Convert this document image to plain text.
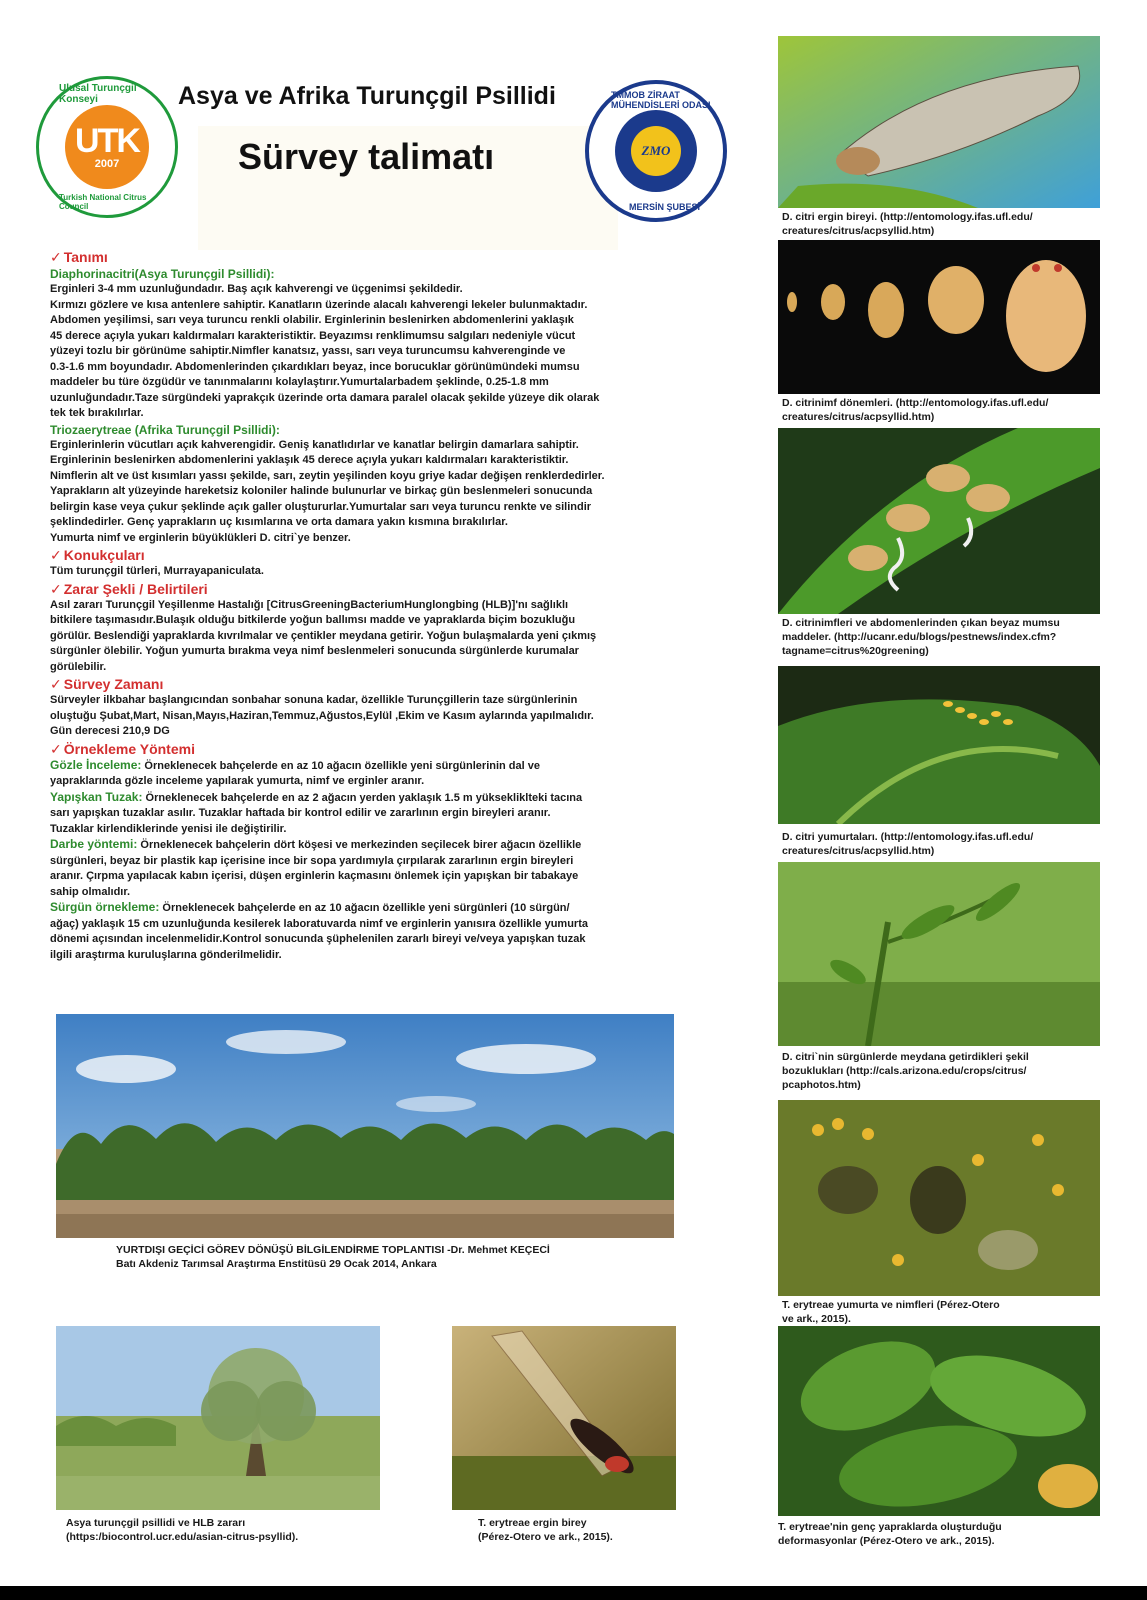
Ulusal Turunçgil Konseyi
UTK
2007
Turkish National Citrus Council
Asya ve Afrika Turunçgil Psillidi
Sürvey talimatı
TMMOB ZİRAAT MÜHENDİSLERİ ODASI
ZMO
MERSİN ŞUBESİ

✓ Tanımı

Diaphorinacitri(Asya Turunçgil Psillidi):

Erginleri 3-4 mm uzunluğundadır. Baş açık kahverengi ve üçgenimsi şekildedir.
Kırmızı gözlere ve kısa antenlere sahiptir. Kanatların üzerinde alacalı kahverengi lekeler bulunmaktadır.
Abdomen yeşilimsi, sarı veya turuncu renkli olabilir. Erginlerinin beslenirken abdomenlerini yaklaşık
45 derece açıyla yukarı kaldırmaları karakteristiktir. Beyazımsı renklimumsu salgıları nedeniyle vücut
yüzeyi tozlu bir görünüme sahiptir.Nimfler kanatsız, yassı, sarı veya turuncumsu kahverenginde ve
0.3-1.6 mm boyundadır. Abdomenlerinden çıkardıkları beyaz, ince borucuklar görünümündeki mumsu
maddeler bu türe özgüdür ve tanınmalarını kolaylaştırır.Yumurtalarbadem şeklinde, 0.25-1.8 mm
uzunluğundadır.Taze sürgündeki yaprakçık üzerinde orta damara paralel olacak şekilde yüzeye dik olarak
tek tek bırakılırlar.

Triozaerytreae (Afrika Turunçgil Psillidi):

Erginlerinlerin vücutları açık kahverengidir. Geniş kanatlıdırlar ve kanatlar belirgin damarlara sahiptir.
Erginlerinin beslenirken abdomenlerini yaklaşık 45 derece açıyla yukarı kaldırmaları karakteristiktir.
Nimflerin alt ve üst kısımları yassı şekilde, sarı, zeytin yeşilinden koyu griye kadar değişen renklerdedirler.
Yaprakların alt yüzeyinde hareketsiz koloniler halinde bulunurlar ve birkaç gün beslenmeleri sonucunda
belirgin kase veya çukur şeklinde açık galler oluştururlar.Yumurtalar sarı veya turuncu renkte ve silindir
şeklindedirler. Genç yaprakların uç kısımlarına ve orta damara yakın kısmına bırakılırlar.
Yumurta nimf ve erginlerin büyüklükleri D. citri`ye benzer.

✓ Konukçuları

Tüm turunçgil türleri, Murrayapaniculata.

✓ Zarar Şekli / Belirtileri

Asıl zararı Turunçgil Yeşillenme Hastalığı [CitrusGreeningBacteriumHunglongbing (HLB)]'nı sağlıklı
bitkilere taşımasıdır.Bulaşık olduğu bitkilerde yoğun ballımsı madde ve yapraklarda biçim bozukluğu
görülür. Beslendiği yapraklarda kıvrılmalar ve çentikler meydana getirir. Yoğun bulaşmalarda yeni çıkmış
sürgünler ölebilir. Yoğun yumurta bırakma veya nimf beslenmeleri sonucunda sürgünlerde kurumalar
görülebilir.

✓ Sürvey Zamanı

Sürveyler ilkbahar başlangıcından sonbahar sonuna kadar, özellikle Turunçgillerin taze sürgünlerinin
oluştuğu Şubat,Mart, Nisan,Mayıs,Haziran,Temmuz,Ağustos,Eylül ,Ekim ve Kasım aylarında yapılmalıdır.
Gün derecesi 210,9 DG

✓ Örnekleme Yöntemi

Gözle İnceleme: Örneklenecek bahçelerde en az 10 ağacın özellikle yeni sürgünlerinin dal ve
yapraklarında gözle inceleme yapılarak yumurta, nimf ve erginler aranır.

Yapışkan Tuzak: Örneklenecek bahçelerde en az 2 ağacın yerden yaklaşık 1.5 m yüksekliklteki tacına
sarı yapışkan tuzaklar asılır. Tuzaklar haftada bir kontrol edilir ve zararlının ergin bireyleri aranır.
Tuzaklar kirlendiklerinde yenisi ile değiştirilir.

Darbe yöntemi: Örneklenecek bahçelerin dört köşesi ve merkezinden seçilecek birer ağacın özellikle
sürgünleri, beyaz bir plastik kap içerisine ince bir sopa yardımıyla çırpılarak zararlının ergin bireyleri
aranır. Çırpma yapılacak kabın içerisi, düşen erginlerin kaçmasını önlemek için yapışkan bir tabakaye
sahip olmalıdır.

Sürgün örnekleme: Örneklenecek bahçelerde en az 10 ağacın özellikle yeni sürgünleri (10 sürgün/
ağaç) yaklaşık 15 cm uzunluğunda kesilerek laboratuvarda nimf ve erginlerin yanısıra özellikle yumurta
dönemi açısından incelenmelidir.Kontrol sonucunda şüphelenilen zararlı bireyi ve/veya yapışkan tuzak
ilgili araştırma kuruluşlarına gönderilmelidir.

YURTDIŞI GEÇİCİ GÖREV DÖNÜŞÜ BİLGİLENDİRME TOPLANTISI -Dr. Mehmet KEÇECİ
Batı Akdeniz Tarımsal Araştırma Enstitüsü 29 Ocak 2014, Ankara
Asya turunçgil psillidi ve HLB zararı
(https:/biocontrol.ucr.edu/asian-citrus-psyllid).
T. erytreae ergin birey
(Pérez-Otero ve ark., 2015).
D. citri ergin bireyi. (http://entomology.ifas.ufl.edu/
creatures/citrus/acpsyllid.htm)
D. citrinimf dönemleri. (http://entomology.ifas.ufl.edu/
creatures/citrus/acpsyllid.htm)
D. citrinimfleri ve abdomenlerinden çıkan beyaz mumsu
maddeler. (http://ucanr.edu/blogs/pestnews/index.cfm?
tagname=citrus%20greening)
D. citri yumurtaları. (http://entomology.ifas.ufl.edu/
creatures/citrus/acpsyllid.htm)
D. citri`nin sürgünlerde meydana getirdikleri şekil
bozuklukları (http://cals.arizona.edu/crops/citrus/
pcaphotos.htm)
T. erytreae yumurta ve nimfleri (Pérez-Otero
ve ark., 2015).
T. erytreae'nin genç yapraklarda oluşturduğu
deformasyonlar (Pérez-Otero ve ark., 2015).
